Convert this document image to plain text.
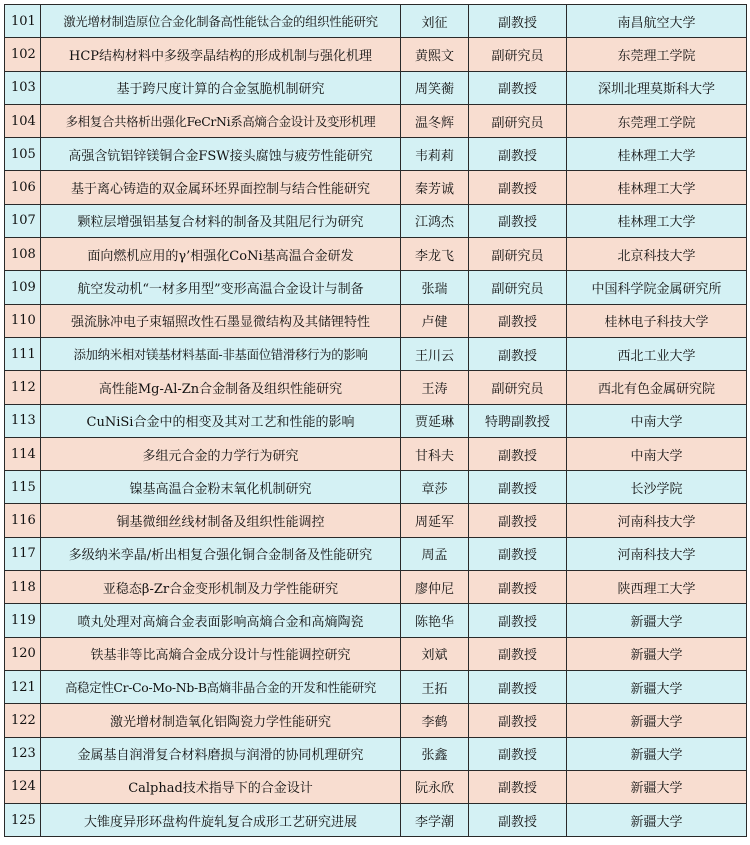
101	激光增材制造原位合金化制备高性能钛合金的组织性能研究	刘征	副教授	南昌航空大学
102	HCP结构材料中多级孪晶结构的形成机制与强化机理	黄熙文	副研究员	东莞理工学院
103	基于跨尺度计算的合金氢脆机制研究	周笑蘅	副教授	深圳北理莫斯科大学
104	多相复合共格析出强化FeCrNi系高熵合金设计及变形机理	温冬辉	副研究员	东莞理工学院
105	高强含钪铝锌镁铜合金FSW接头腐蚀与疲劳性能研究	韦莉莉	副教授	桂林理工大学
106	基于离心铸造的双金属环坯界面控制与结合性能研究	秦芳诚	副教授	桂林理工大学
107	颗粒层增强铝基复合材料的制备及其阻尼行为研究	江鸿杰	副教授	桂林理工大学
108	面向燃机应用的γ’相强化CoNi基高温合金研发	李龙飞	副研究员	北京科技大学
109	航空发动机“一材多用型”变形高温合金设计与制备	张瑞	副研究员	中国科学院金属研究所
110	强流脉冲电子束辐照改性石墨显微结构及其储锂特性	卢健	副教授	桂林电子科技大学
111	添加纳米相对镁基材料基面-非基面位错滑移行为的影响	王川云	副教授	西北工业大学
112	高性能Mg-Al-Zn合金制备及组织性能研究	王涛	副研究员	西北有色金属研究院
113	CuNiSi合金中的相变及其对工艺和性能的影响	贾延琳	特聘副教授	中南大学
114	多组元合金的力学行为研究	甘科夫	副教授	中南大学
115	镍基高温合金粉末氧化机制研究	章莎	副教授	长沙学院
116	铜基微细丝线材制备及组织性能调控	周延军	副教授	河南科技大学
117	多级纳米孪晶/析出相复合强化铜合金制备及性能研究	周孟	副教授	河南科技大学
118	亚稳态β-Zr合金变形机制及力学性能研究	廖仲尼	副教授	陕西理工大学
119	喷丸处理对高熵合金表面影响高熵合金和高熵陶瓷	陈艳华	副教授	新疆大学
120	铁基非等比高熵合金成分设计与性能调控研究	刘斌	副教授	新疆大学
121	高稳定性Cr-Co-Mo-Nb-B高熵非晶合金的开发和性能研究	王拓	副教授	新疆大学
122	激光增材制造氧化铝陶瓷力学性能研究	李鹤	副教授	新疆大学
123	金属基自润滑复合材料磨损与润滑的协同机理研究	张鑫	副教授	新疆大学
124	Calphad技术指导下的合金设计	阮永欣	副教授	新疆大学
125	大锥度异形环盘构件旋轧复合成形工艺研究进展	李学潮	副教授	新疆大学
